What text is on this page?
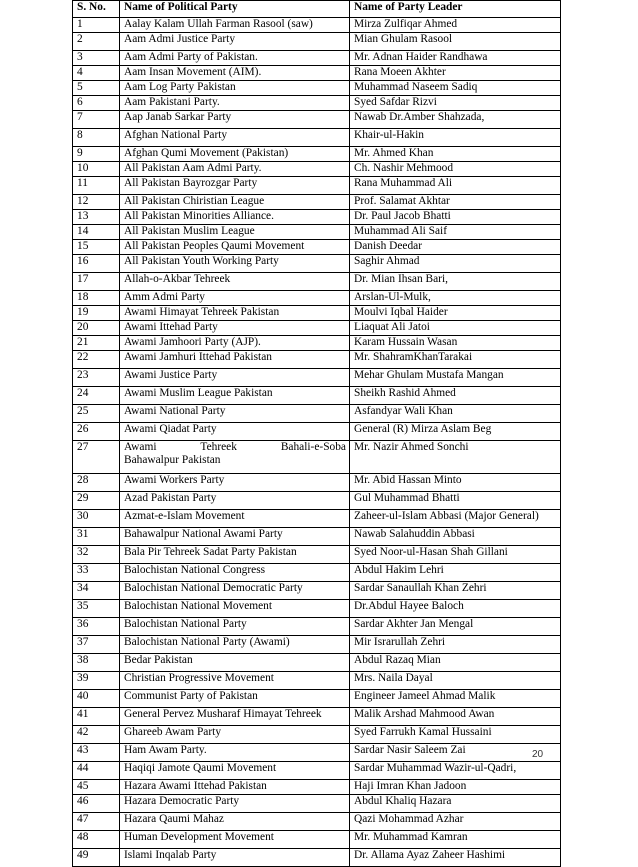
S. No.	Name of Political Party	Name of Party Leader
1	Aalay Kalam Ullah Farman Rasool (saw)	Mirza Zulfiqar Ahmed
2	Aam Admi Justice Party	Mian Ghulam Rasool
3	Aam Admi Party of Pakistan.	Mr. Adnan Haider Randhawa
4	Aam Insan Movement (AIM).	Rana Moeen Akhter
5	Aam Log Party Pakistan	Muhammad Naseem Sadiq
6	Aam Pakistani Party.	Syed Safdar Rizvi
7	Aap Janab Sarkar Party	Nawab Dr.Amber Shahzada,
8	Afghan National Party	Khair-ul-Hakin
9	Afghan Qumi Movement (Pakistan)	Mr. Ahmed Khan
10	All Pakistan Aam Admi Party.	Ch. Nashir Mehmood
11	All Pakistan Bayrozgar Party	Rana Muhammad Ali
12	All Pakistan Chiristian League	Prof. Salamat Akhtar
13	All Pakistan Minorities Alliance.	Dr. Paul Jacob Bhatti
14	All Pakistan Muslim League	Muhammad Ali Saif
15	All Pakistan Peoples Qaumi Movement	Danish Deedar
16	All Pakistan Youth Working Party	Saghir Ahmad
17	Allah-o-Akbar Tehreek	Dr. Mian Ihsan Bari,
18	Amm Admi Party	Arslan-Ul-Mulk,
19	Awami Himayat Tehreek Pakistan	Moulvi Iqbal Haider
20	Awami Ittehad Party	Liaquat Ali Jatoi
21	Awami Jamhoori Party (AJP).	Karam Hussain Wasan
22	Awami Jamhuri Ittehad Pakistan	Mr. ShahramKhanTarakai
23	Awami Justice Party	Mehar Ghulam Mustafa Mangan
24	Awami Muslim League Pakistan	Sheikh Rashid Ahmed
25	Awami National Party	Asfandyar Wali Khan
26	Awami Qiadat Party	General (R) Mirza Aslam Beg
27	Awami Tehreek Bahali-e-Soba
Bahawalpur Pakistan	Mr. Nazir Ahmed Sonchi
28	Awami Workers Party	Mr. Abid Hassan Minto
29	Azad Pakistan Party	Gul Muhammad Bhatti
30	Azmat-e-Islam Movement	Zaheer-ul-Islam Abbasi (Major General)
31	Bahawalpur National Awami Party	Nawab Salahuddin Abbasi
32	Bala Pir Tehreek Sadat Party Pakistan	Syed Noor-ul-Hasan Shah Gillani
33	Balochistan National Congress	Abdul Hakim Lehri
34	Balochistan National Democratic Party	Sardar Sanaullah Khan Zehri
35	Balochistan National Movement	Dr.Abdul Hayee Baloch
36	Balochistan National Party	Sardar Akhter Jan Mengal
37	Balochistan National Party (Awami)	Mir Israrullah Zehri
38	Bedar Pakistan	Abdul Razaq Mian
39	Christian Progressive Movement	Mrs. Naila Dayal
40	Communist Party of Pakistan	Engineer Jameel Ahmad Malik
41	General Pervez Musharaf Himayat Tehreek	Malik Arshad Mahmood Awan
42	Ghareeb Awam Party	Syed Farrukh Kamal Hussaini
43	Ham Awam Party.	Sardar Nasir Saleem Zai
44	Haqiqi Jamote Qaumi Movement	Sardar Muhammad Wazir-ul-Qadri,
45	Hazara Awami Ittehad Pakistan	Haji Imran Khan Jadoon
46	Hazara Democratic Party	Abdul Khaliq Hazara
47	Hazara Qaumi Mahaz	Qazi Mohammad Azhar
48	Human Development Movement	Mr. Muhammad Kamran
49	Islami Inqalab Party	Dr. Allama Ayaz Zaheer Hashimi
20
